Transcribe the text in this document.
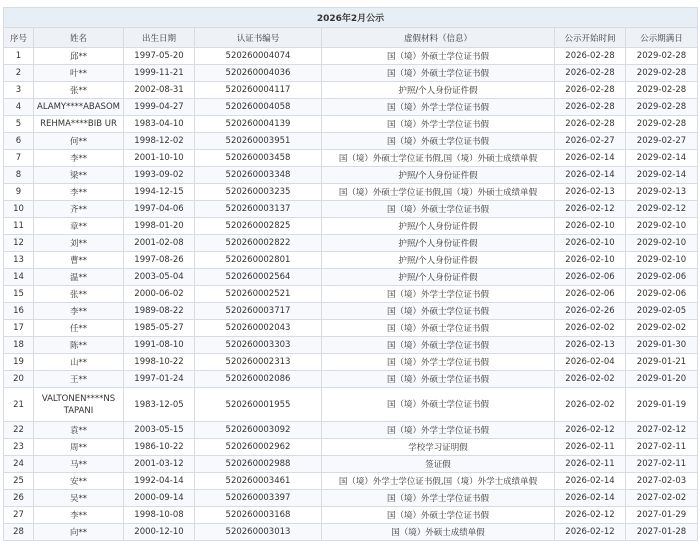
2026年2月公示						
序号	姓名	出生日期	认证书编号	虚假材料（信息）	公示开始时间	公示期满日
1	邱**	1997-05-20	520260004074	国（境）外硕士学位证书假	2026-02-28	2029-02-28
2	叶**	1999-11-21	520260004036	国（境）外硕士学位证书假	2026-02-28	2029-02-28
3	张**	2002-08-31	520260004117	护照/个人身份证件假	2026-02-28	2029-02-28
4	ALAMY****ABASOM	1999-04-27	520260004058	国（境）外学士学位证书假	2026-02-28	2029-02-28
5	REHMA****BIB UR	1983-04-10	520260004139	国（境）外学士学位证书假	2026-02-28	2029-02-28
6	何**	1998-12-02	520260003951	国（境）外硕士学位证书假	2026-02-27	2029-02-27
7	李**	2001-10-10	520260003458	国（境）外硕士学位证书假,国（境）外硕士成绩单假	2026-02-14	2029-02-14
8	梁**	1993-09-02	520260003348	护照/个人身份证件假	2026-02-14	2029-02-14
9	李**	1994-12-15	520260003235	国（境）外硕士学位证书假,国（境）外硕士成绩单假	2026-02-13	2029-02-13
10	齐**	1997-04-06	520260003137	国（境）外硕士学位证书假	2026-02-12	2029-02-12
11	章**	1998-01-20	520260002825	护照/个人身份证件假	2026-02-10	2029-02-10
12	刘**	2001-02-08	520260002822	护照/个人身份证件假	2026-02-10	2029-02-10
13	曹**	1997-08-26	520260002801	护照/个人身份证件假	2026-02-10	2029-02-10
14	温**	2003-05-04	520260002564	护照/个人身份证件假	2026-02-06	2029-02-06
15	张**	2000-06-02	520260002521	国（境）外学士学位证书假	2026-02-06	2029-02-06
16	李**	1989-08-22	520260003717	国（境）外硕士学位证书假	2026-02-26	2029-02-05
17	任**	1985-05-27	520260002043	国（境）外硕士学位证书假	2026-02-02	2029-02-02
18	陈**	1991-08-10	520260003303	国（境）外硕士学位证书假	2026-02-13	2029-01-30
19	山**	1998-10-22	520260002313	国（境）外学士学位证书假	2026-02-04	2029-01-21
20	王**	1997-01-24	520260002086	国（境）外硕士学位证书假	2026-02-02	2029-01-20
21	VALTONEN****NS TAPANI	1983-12-05	520260001955	国（境）外硕士学位证书假	2026-02-02	2029-01-19
22	袁**	2003-05-15	520260003092	国（境）外学士学位证书假	2026-02-12	2027-02-12
23	周**	1986-10-22	520260002962	学校学习证明假	2026-02-11	2027-02-11
24	马**	2001-03-12	520260002988	签证假	2026-02-11	2027-02-11
25	安**	1992-04-14	520260003461	国（境）外学士学位证书假,国（境）外学士成绩单假	2026-02-14	2027-02-03
26	吴**	2000-09-14	520260003397	国（境）外学士学位证书假	2026-02-14	2027-02-02
27	李**	1998-10-08	520260003168	国（境）外硕士学位证书假	2026-02-12	2027-01-29
28	向**	2000-12-10	520260003013	国（境）外硕士成绩单假	2026-02-12	2027-01-28
